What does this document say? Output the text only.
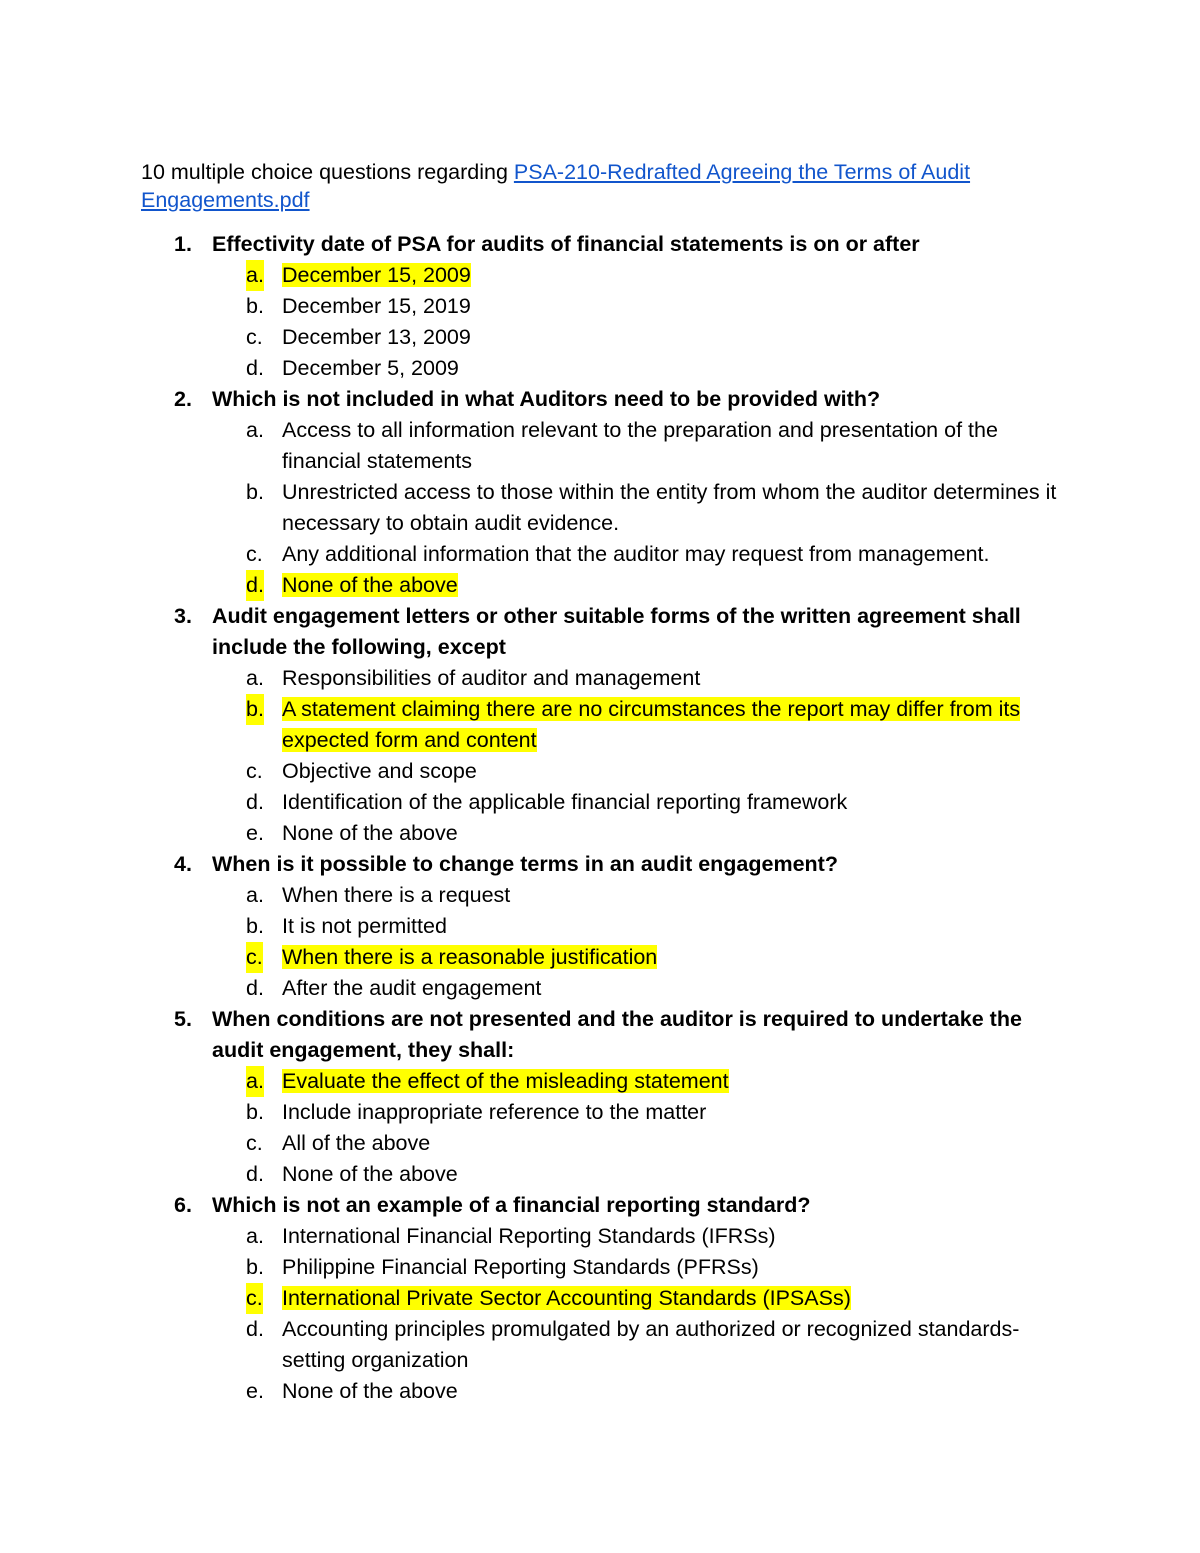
10 multiple choice questions regarding PSA-210-Redrafted Agreeing the Terms of Audit Engagements.pdf
1. Effectivity date of PSA for audits of financial statements is on or after
a. December 15, 2009
b. December 15, 2019
c. December 13, 2009
d. December 5, 2009
2. Which is not included in what Auditors need to be provided with?
a. Access to all information relevant to the preparation and presentation of the financial statements
b. Unrestricted access to those within the entity from whom the auditor determines it necessary to obtain audit evidence.
c. Any additional information that the auditor may request from management.
d. None of the above
3. Audit engagement letters or other suitable forms of the written agreement shall include the following, except
a. Responsibilities of auditor and management
b. A statement claiming there are no circumstances the report may differ from its expected form and content
c. Objective and scope
d. Identification of the applicable financial reporting framework
e. None of the above
4. When is it possible to change terms in an audit engagement?
a. When there is a request
b. It is not permitted
c. When there is a reasonable justification
d. After the audit engagement
5. When conditions are not presented and the auditor is required to undertake the audit engagement, they shall:
a. Evaluate the effect of the misleading statement
b. Include inappropriate reference to the matter
c. All of the above
d. None of the above
6. Which is not an example of a financial reporting standard?
a. International Financial Reporting Standards (IFRSs)
b. Philippine Financial Reporting Standards (PFRSs)
c. International Private Sector Accounting Standards (IPSASs)
d. Accounting principles promulgated by an authorized or recognized standards-setting organization
e. None of the above
